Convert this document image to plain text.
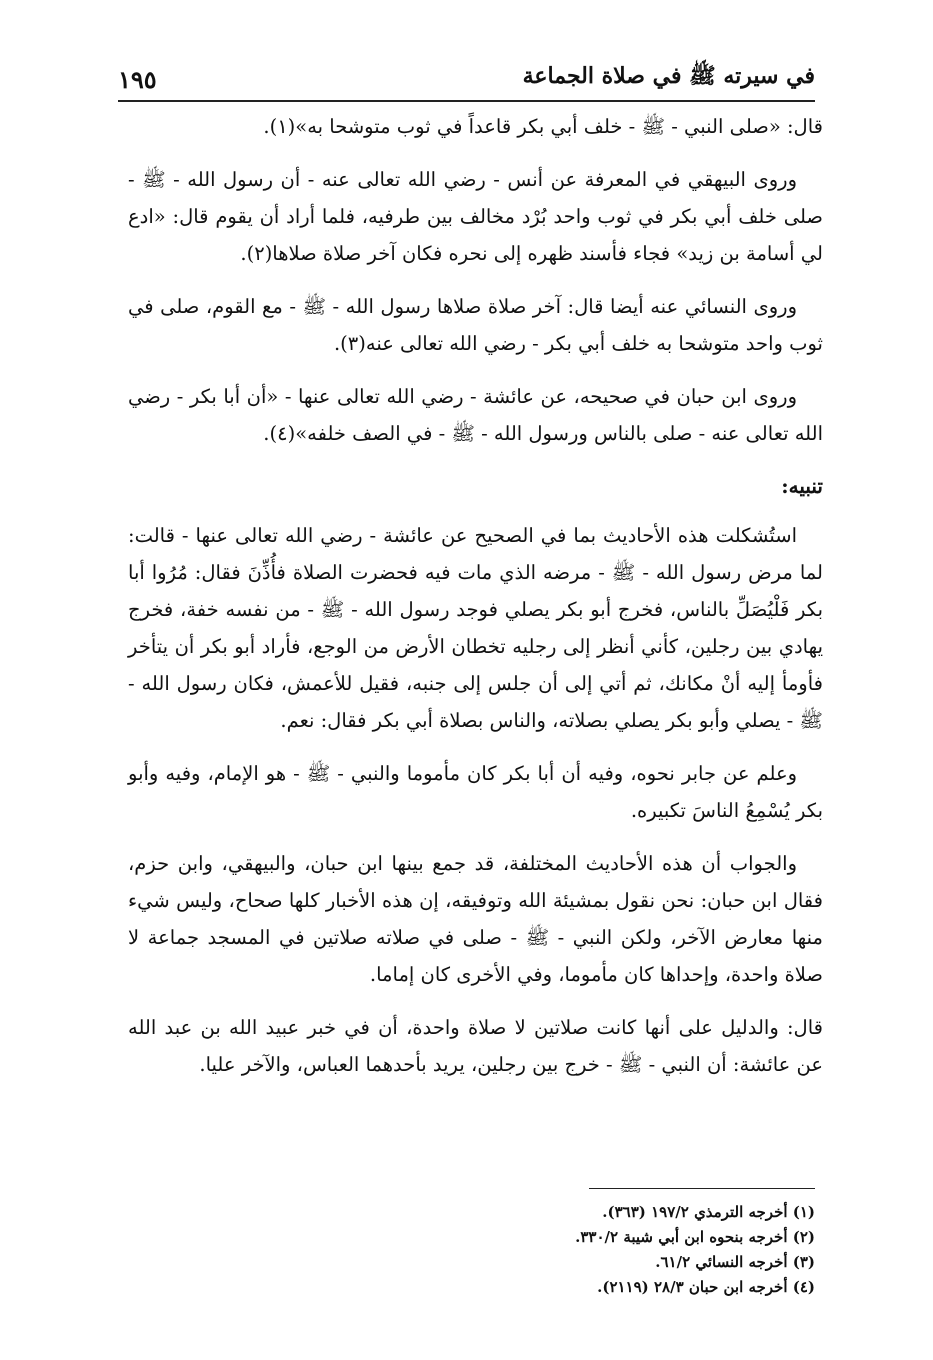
في سيرته ﷺ في صلاة الجماعة
١٩٥

قال: «صلى النبي - ﷺ - خلف أبي بكر قاعداً في ثوب متوشحا به»(١).

وروى البيهقي في المعرفة عن أنس - رضي الله تعالى عنه - أن رسول الله - ﷺ - صلى خلف أبي بكر في ثوب واحد بُرْد مخالف بين طرفيه، فلما أراد أن يقوم قال: «ادع لي أسامة بن زيد» فجاء فأسند ظهره إلى نحره فكان آخر صلاة صلاها(٢).

وروى النسائي عنه أيضا قال: آخر صلاة صلاها رسول الله - ﷺ - مع القوم، صلى في ثوب واحد متوشحا به خلف أبي بكر - رضي الله تعالى عنه(٣).

وروى ابن حبان في صحيحه، عن عائشة - رضي الله تعالى عنها - «أن أبا بكر - رضي الله تعالى عنه - صلى بالناس ورسول الله - ﷺ - في الصف خلفه»(٤).

تنبيه:

استُشكلت هذه الأحاديث بما في الصحيح عن عائشة - رضي الله تعالى عنها - قالت: لما مرض رسول الله - ﷺ - مرضه الذي مات فيه فحضرت الصلاة فأُذِّنَ فقال: مُرُوا أبا بكر فَلْيُصَلِّ بالناس، فخرج أبو بكر يصلي فوجد رسول الله - ﷺ - من نفسه خفة، فخرج يهادي بين رجلين، كأني أنظر إلى رجليه تخطان الأرض من الوجع، فأراد أبو بكر أن يتأخر فأومأ إليه أنْ مكانك، ثم أتي إلى أن جلس إلى جنبه، فقيل للأعمش، فكان رسول الله - ﷺ - يصلي وأبو بكر يصلي بصلاته، والناس بصلاة أبي بكر فقال: نعم.

وعلم عن جابر نحوه، وفيه أن أبا بكر كان مأموما والنبي - ﷺ - هو الإمام، وفيه وأبو بكر يُسْمِعُ الناسَ تكبيره.

والجواب أن هذه الأحاديث المختلفة، قد جمع بينها ابن حبان، والبيهقي، وابن حزم، فقال ابن حبان: نحن نقول بمشيئة الله وتوفيقه، إن هذه الأخبار كلها صحاح، وليس شيء منها معارض الآخر، ولكن النبي - ﷺ - صلى في صلاته صلاتين في المسجد جماعة لا صلاة واحدة، وإحداها كان مأموما، وفي الأخرى كان إماما.

قال: والدليل على أنها كانت صلاتين لا صلاة واحدة، أن في خبر عبيد الله بن عبد الله عن عائشة: أن النبي - ﷺ - خرج بين رجلين، يريد بأحدهما العباس، والآخر عليا.

(١) أخرجه الترمذي ١٩٧/٢ (٣٦٣).
(٢) أخرجه بنحوه ابن أبي شيبة ٣٣٠/٢.
(٣) أخرجه النسائي ٦١/٢.
(٤) أخرجه ابن حبان ٢٨/٣ (٢١١٩).
